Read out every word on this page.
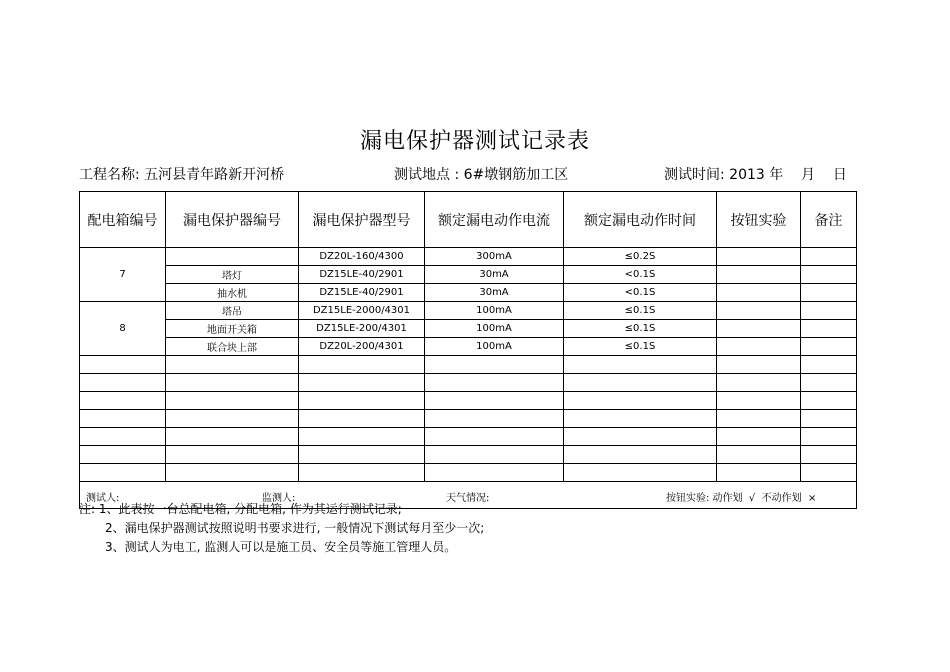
漏电保护器测试记录表
工程名称: 五河县青年路新开河桥	测试地点 : 6#墩钢筋加工区	测试时间: 2013 年    月    日
配电箱编号	漏电保护器编号	漏电保护器型号	额定漏电动作电流	额定漏电动作时间	按钮实验	备注
7		DZ20L-160/4300	300mA	≤0.2S		
	塔灯	DZ15LE-40/2901	30mA	<0.1S		
	抽水机	DZ15LE-40/2901	30mA	<0.1S		
8	塔吊	DZ15LE-2000/4301	100mA	≤0.1S		
	地面开关箱	DZ15LE-200/4301	100mA	≤0.1S		
	联合块上部	DZ20L-200/4301	100mA	≤0.1S		

测试人: 监测人: 天气情况: 按钮实验: 动作划  √  不动作划  ×						
注: 1、此表按一台总配电箱, 分配电箱, 作为其运行测试记录;
2、漏电保护器测试按照说明书要求进行, 一般情况下测试每月至少一次;
3、测试人为电工, 监测人可以是施工员、安全员等施工管理人员。
